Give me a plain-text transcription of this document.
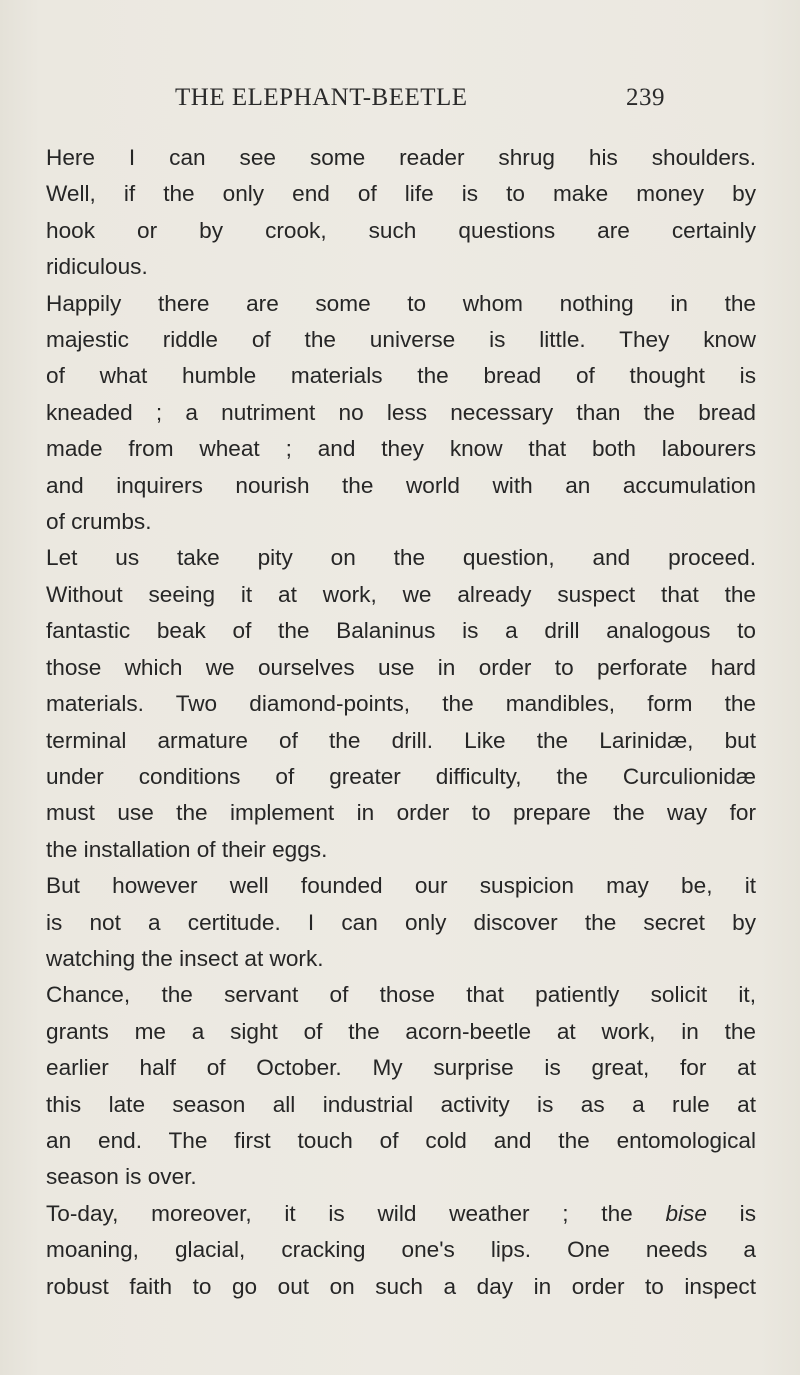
THE ELEPHANT-BEETLE	239
Here I can see some reader shrug his shoulders.
Well, if the only end of life is to make money by
hook or by crook, such questions are certainly
ridiculous.
Happily there are some to whom nothing in the
majestic riddle of the universe is little. They know
of what humble materials the bread of thought is
kneaded ; a nutriment no less necessary than the bread
made from wheat ; and they know that both labourers
and inquirers nourish the world with an accumulation
of crumbs.
Let us take pity on the question, and proceed.
Without seeing it at work, we already suspect that the
fantastic beak of the Balaninus is a drill analogous to
those which we ourselves use in order to perforate hard
materials. Two diamond-points, the mandibles, form the
terminal armature of the drill. Like the Larinidæ, but
under conditions of greater difficulty, the Curculionidæ
must use the implement in order to prepare the way for
the installation of their eggs.
But however well founded our suspicion may be, it
is not a certitude. I can only discover the secret by
watching the insect at work.
Chance, the servant of those that patiently solicit it,
grants me a sight of the acorn-beetle at work, in the
earlier half of October. My surprise is great, for at
this late season all industrial activity is as a rule at
an end. The first touch of cold and the entomological
season is over.
To-day, moreover, it is wild weather ; the bise is
moaning, glacial, cracking one's lips. One needs a
robust faith to go out on such a day in order to inspect
